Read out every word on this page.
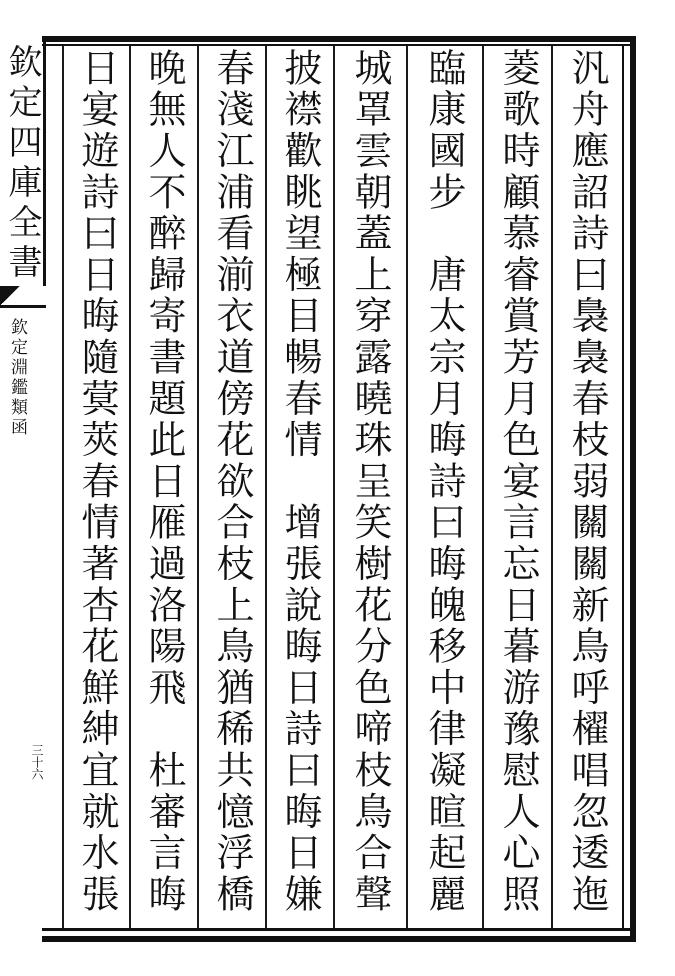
欽定四庫全書
欽定淵鑑類函
三十六	汎舟應詔詩曰裊裊春枝弱關關新鳥呼櫂唱忽逶迤
菱歌時顧慕睿賞芳月色宴言忘日暮游豫慰人心照
臨康國步　唐太宗月晦詩曰晦魄移中律凝暄起麗
城罩雲朝蓋上穿露曉珠呈笑樹花分色啼枝鳥合聲
披襟歡眺望極目暢春情　增張說晦日詩曰晦日嫌
春淺江浦看湔衣道傍花欲合枝上鳥猶稀共憶浮橋
晚無人不醉歸寄書題此日雁過洛陽飛　杜審言晦
日宴遊詩曰日晦隨蓂莢春情著杏花鮮紳宜就水張
